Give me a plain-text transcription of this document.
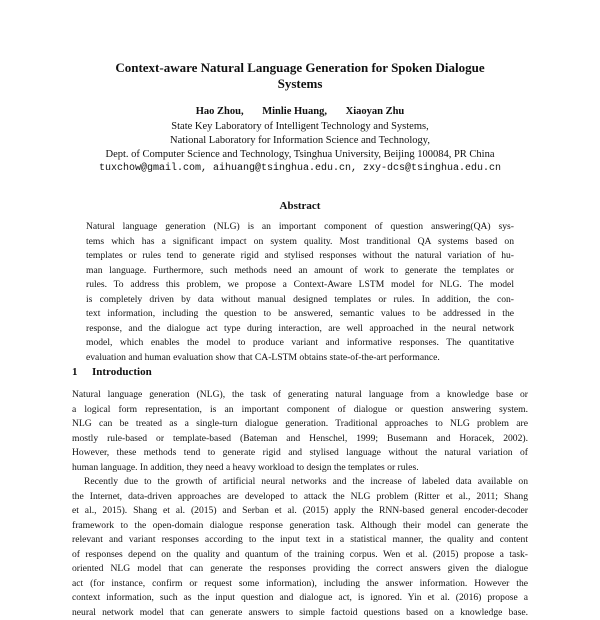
Context-aware Natural Language Generation for Spoken Dialogue
Systems
Hao Zhou, Minlie Huang, Xiaoyan Zhu
State Key Laboratory of Intelligent Technology and Systems,
National Laboratory for Information Science and Technology,
Dept. of Computer Science and Technology, Tsinghua University, Beijing 100084, PR China
tuxchow@gmail.com, aihuang@tsinghua.edu.cn, zxy-dcs@tsinghua.edu.cn
Abstract
Natural language generation (NLG) is an important component of question answering(QA) sys-
tems which has a significant impact on system quality. Most tranditional QA systems based on
templates or rules tend to generate rigid and stylised responses without the natural variation of hu-
man language. Furthermore, such methods need an amount of work to generate the templates or
rules. To address this problem, we propose a Context-Aware LSTM model for NLG. The model
is completely driven by data without manual designed templates or rules. In addition, the con-
text information, including the question to be answered, semantic values to be addressed in the
response, and the dialogue act type during interaction, are well approached in the neural network
model, which enables the model to produce variant and informative responses. The quantitative
evaluation and human evaluation show that CA-LSTM obtains state-of-the-art performance.
1 Introduction
Natural language generation (NLG), the task of generating natural language from a knowledge base or
a logical form representation, is an important component of dialogue or question answering system.
NLG can be treated as a single-turn dialogue generation. Traditional approaches to NLG problem are
mostly rule-based or template-based (Bateman and Henschel, 1999; Busemann and Horacek, 2002).
However, these methods tend to generate rigid and stylised language without the natural variation of
human language. In addition, they need a heavy workload to design the templates or rules.
Recently due to the growth of artificial neural networks and the increase of labeled data available on
the Internet, data-driven approaches are developed to attack the NLG problem (Ritter et al., 2011; Shang
et al., 2015). Shang et al. (2015) and Serban et al. (2015) apply the RNN-based general encoder-decoder
framework to the open-domain dialogue response generation task. Although their model can generate the
relevant and variant responses according to the input text in a statistical manner, the quality and content
of responses depend on the quality and quantum of the training corpus. Wen et al. (2015) propose a task-
oriented NLG model that can generate the responses providing the correct answers given the dialogue
act (for instance, confirm or request some information), including the answer information. However the
context information, such as the input question and dialogue act, is ignored. Yin et al. (2016) propose a
neural network model that can generate answers to simple factoid questions based on a knowledge base.
